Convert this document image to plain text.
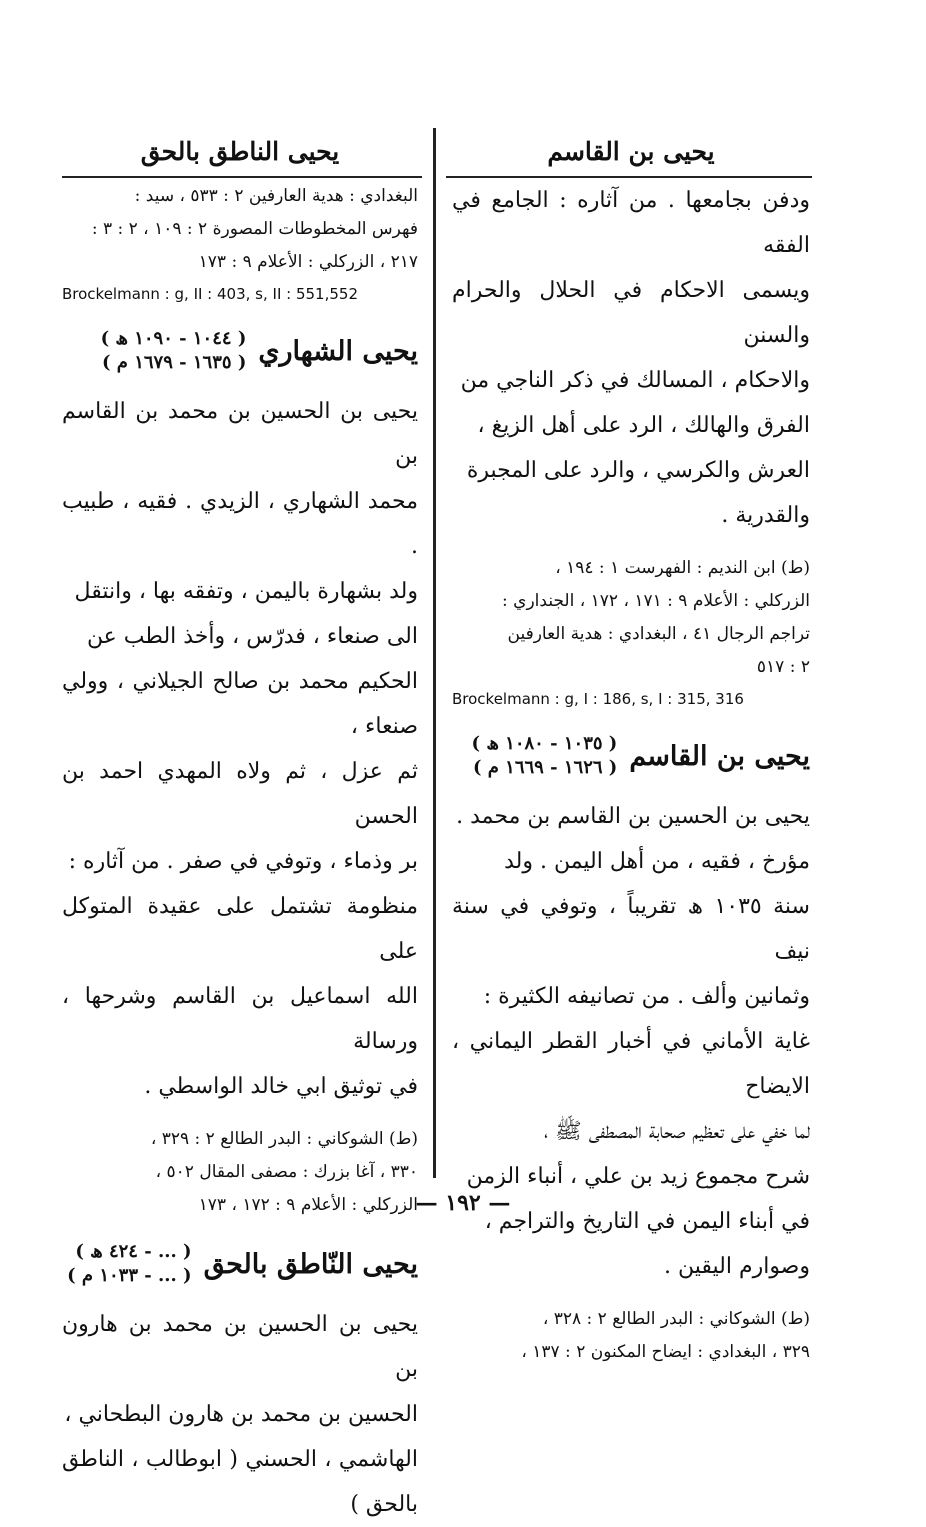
يحيى الناطق بالحق	يحيى بن القاسم
البغدادي : هدية العارفين ٢ : ٥٣٣ ، سيد :
فهرس المخطوطات المصورة ٢ : ١٠٩ ، ٢ : ٣ :
٢١٧ ، الزركلي : الأعلام ٩ : ١٧٣
Brockelmann : g, II : 403, s, II : 551,552
يحيى الشهاري
( ١٠٤٤ - ١٠٩٠ ھ )
( ١٦٣٥ - ١٦٧٩ م )
يحيى بن الحسين بن محمد بن القاسم بن
محمد الشهاري ، الزيدي . فقيه ، طبيب .
ولد بشهارة باليمن ، وتفقه بها ، وانتقل
الى صنعاء ، فدرّس ، وأخذ الطب عن
الحكيم محمد بن صالح الجيلاني ، وولي صنعاء ،
ثم عزل ، ثم ولاه المهدي احمد بن الحسن
بر وذماء ، وتوفي في صفر . من آثاره :
منظومة تشتمل على عقيدة المتوكل على
الله اسماعيل بن القاسم وشرحها ، ورسالة
في توثيق ابي خالد الواسطي .
(ط) الشوكاني : البدر الطالع ٢ : ٣٢٩ ،
٣٣٠ ، آغا بزرك : مصفى المقال ٥٠٢ ،
الزركلي : الأعلام ٩ : ١٧٢ ، ١٧٣
يحيى النّاطق بالحق
( ... - ٤٢٤ ھ )
( ... - ١٠٣٣ م )
يحيى بن الحسين بن محمد بن هارون بن
الحسين بن محمد بن هارون البطحاني ،
الهاشمي ، الحسني ( ابوطالب ، الناطق بالحق )
ودفن بجامعها . من آثاره : الجامع في الفقه
ويسمى الاحكام في الحلال والحرام والسنن
والاحكام ، المسالك في ذكر الناجي من
الفرق والهالك ، الرد على أهل الزيغ ،
العرش والكرسي ، والرد على المجبرة
والقدرية .
(ط) ابن النديم : الفهرست ١ : ١٩٤ ،
الزركلي : الأعلام ٩ : ١٧١ ، ١٧٢ ، الجنداري :
تراجم الرجال ٤١ ، البغدادي : هدية العارفين
٢ : ٥١٧
Brockelmann : g, I : 186, s, I : 315, 316
يحيى بن القاسم
( ١٠٣٥ - ١٠٨٠ ھ )
( ١٦٢٦ - ١٦٦٩ م )
يحيى بن الحسين بن القاسم بن محمد .
مؤرخ ، فقيه ، من أهل اليمن . ولد
سنة ١٠٣٥ ھ تقريباً ، وتوفي في سنة نيف
وثمانين وألف . من تصانيفه الكثيرة :
غاية الأماني في أخبار القطر اليماني ، الايضاح
لما خفي على تعظيم صحابة المصطفى ﷺ ،
شرح مجموع زيد بن علي ، أنباء الزمن
في أبناء اليمن في التاريخ والتراجم ،
وصوارم اليقين .
(ط) الشوكاني : البدر الطالع ٢ : ٣٢٨ ،
٣٢٩ ، البغدادي : ايضاح المكنون ٢ : ١٣٧ ،
— ١٩٢ —
